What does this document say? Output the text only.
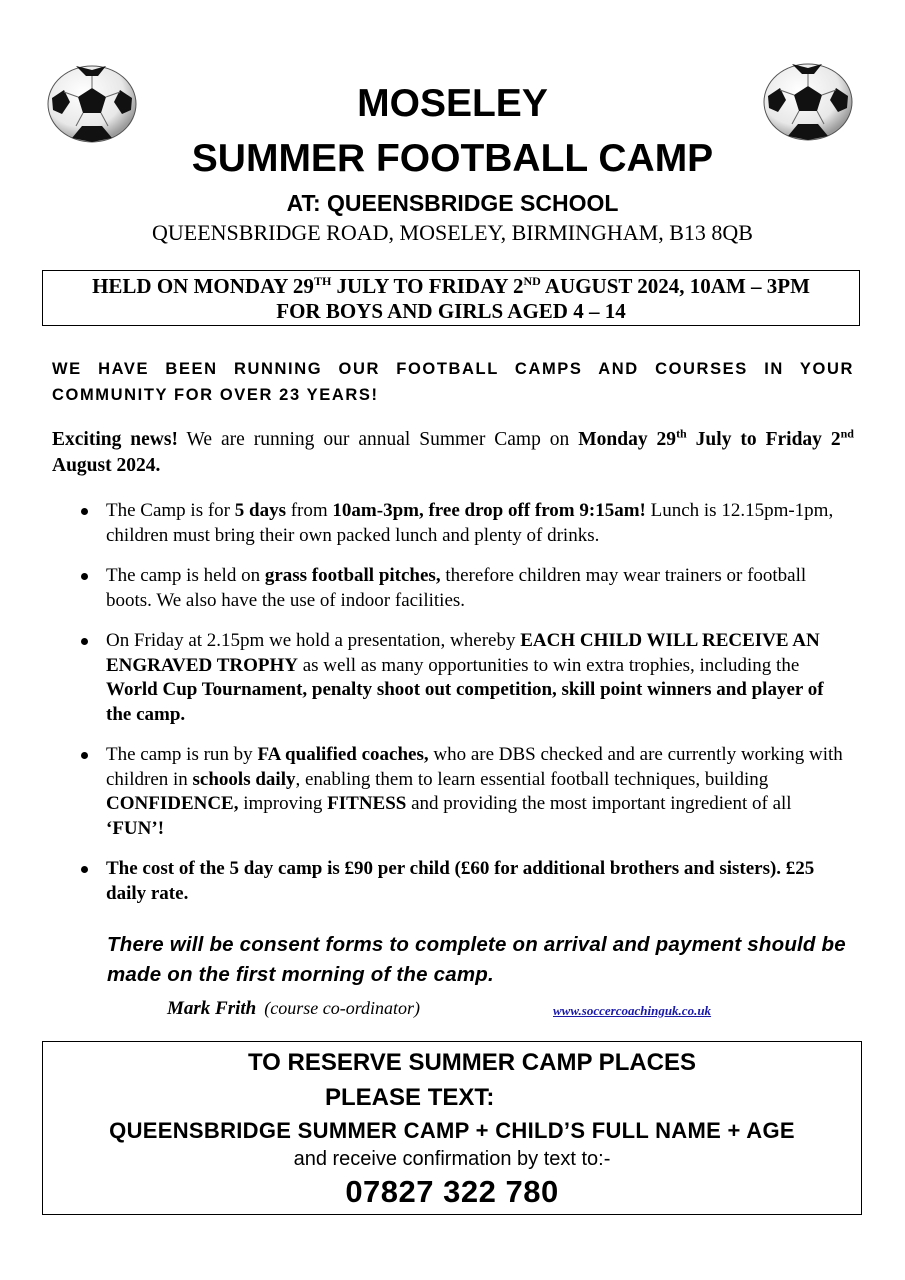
MOSELEY
SUMMER FOOTBALL CAMP
AT: QUEENSBRIDGE SCHOOL
QUEENSBRIDGE ROAD, MOSELEY, BIRMINGHAM, B13 8QB
HELD ON MONDAY 29TH JULY TO FRIDAY 2ND AUGUST 2024, 10AM – 3PM
FOR BOYS AND GIRLS AGED 4 – 14
WE HAVE BEEN RUNNING OUR FOOTBALL CAMPS AND COURSES IN YOUR COMMUNITY FOR OVER 23 YEARS!
Exciting news! We are running our annual Summer Camp on Monday 29th July to Friday 2nd August 2024.
The Camp is for 5 days from 10am-3pm, free drop off from 9:15am! Lunch is 12.15pm-1pm, children must bring their own packed lunch and plenty of drinks.
The camp is held on grass football pitches, therefore children may wear trainers or football boots. We also have the use of indoor facilities.
On Friday at 2.15pm we hold a presentation, whereby EACH CHILD WILL RECEIVE AN ENGRAVED TROPHY as well as many opportunities to win extra trophies, including the World Cup Tournament, penalty shoot out competition, skill point winners and player of the camp.
The camp is run by FA qualified coaches, who are DBS checked and are currently working with children in schools daily, enabling them to learn essential football techniques, building CONFIDENCE, improving FITNESS and providing the most important ingredient of all ‘FUN’!
The cost of the 5 day camp is £90 per child (£60 for additional brothers and sisters). £25 daily rate.
There will be consent forms to complete on arrival and payment should be made on the first morning of the camp.
Mark Frith (course co-ordinator)	www.soccercoachinguk.co.uk
TO RESERVE SUMMER CAMP PLACES
PLEASE TEXT:
QUEENSBRIDGE SUMMER CAMP + CHILD’S FULL NAME + AGE
and receive confirmation by text to:-
07827 322 780
